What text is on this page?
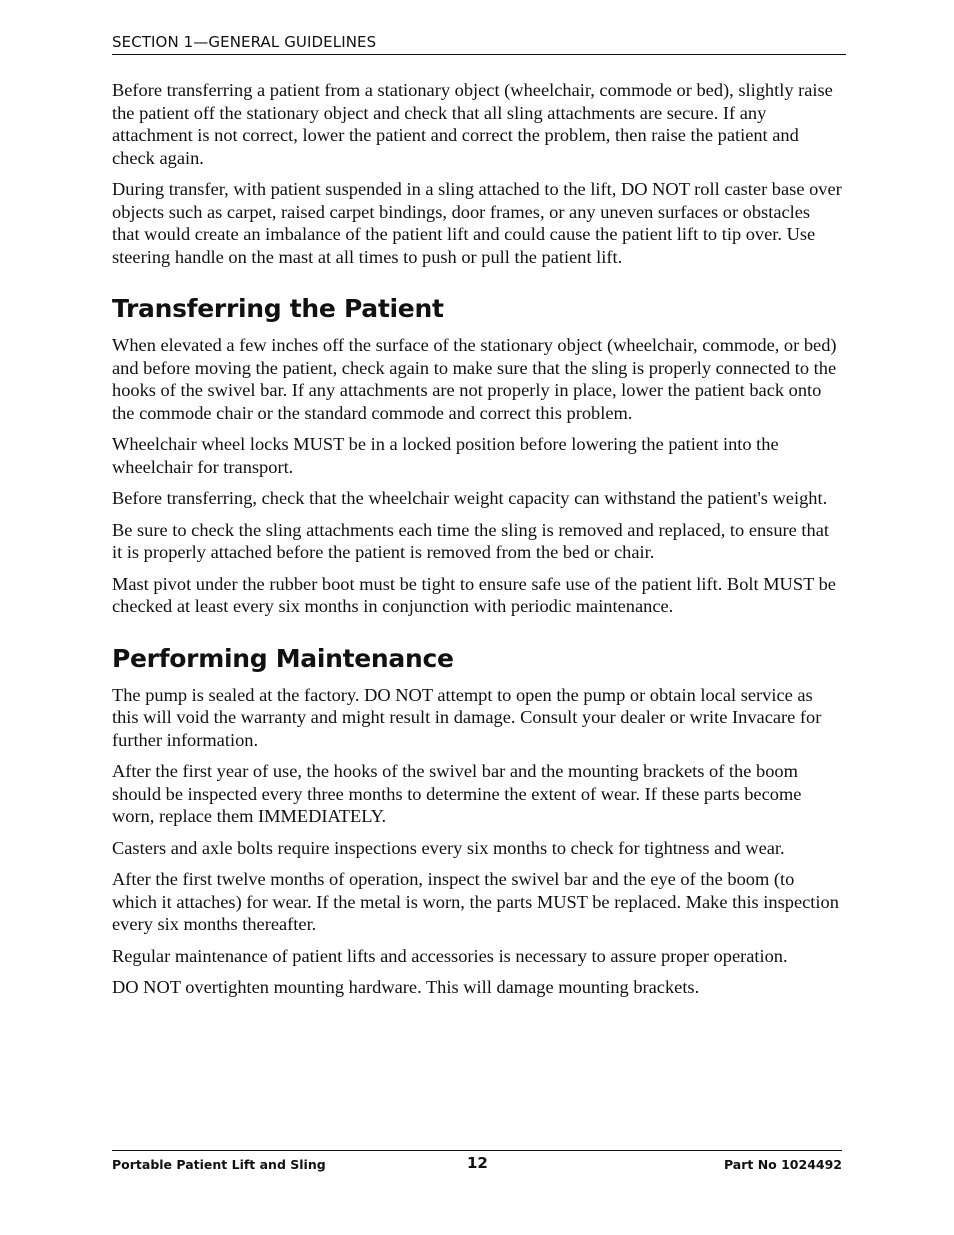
SECTION 1—GENERAL GUIDELINES

Before transferring a patient from a stationary object (wheelchair, commode or bed), slightly raise the patient off the stationary object and check that all sling attachments are secure. If any attachment is not correct, lower the patient and correct the problem, then raise the patient and check again.

During transfer, with patient suspended in a sling attached to the lift, DO NOT roll caster base over objects such as carpet, raised carpet bindings, door frames, or any uneven surfaces or obstacles that would create an imbalance of the patient lift and could cause the patient lift to tip over. Use steering handle on the mast at all times to push or pull the patient lift.

Transferring the Patient

When elevated a few inches off the surface of the stationary object (wheelchair, commode, or bed) and before moving the patient, check again to make sure that the sling is properly connected to the hooks of the swivel bar. If any attachments are not properly in place, lower the patient back onto the commode chair or the standard commode and correct this problem.

Wheelchair wheel locks MUST be in a locked position before lowering the patient into the wheelchair for transport.

Before transferring, check that the wheelchair weight capacity can withstand the patient's weight.

Be sure to check the sling attachments each time the sling is removed and replaced, to ensure that it is properly attached before the patient is removed from the bed or chair.

Mast pivot under the rubber boot must be tight to ensure safe use of the patient lift. Bolt MUST be checked at least every six months in conjunction with periodic maintenance.

Performing Maintenance

The pump is sealed at the factory. DO NOT attempt to open the pump or obtain local service as this will void the warranty and might result in damage. Consult your dealer or write Invacare for further information.

After the first year of use, the hooks of the swivel bar and the mounting brackets of the boom should be inspected every three months to determine the extent of wear. If these parts become worn, replace them IMMEDIATELY.

Casters and axle bolts require inspections every six months to check for tightness and wear.

After the first twelve months of operation, inspect the swivel bar and the eye of the boom (to which it attaches) for wear. If the metal is worn, the parts MUST be replaced. Make this inspection every six months thereafter.

Regular maintenance of patient lifts and accessories is necessary to assure proper operation.

DO NOT overtighten mounting hardware. This will damage mounting brackets.

Portable Patient Lift and Sling	12	Part No 1024492
